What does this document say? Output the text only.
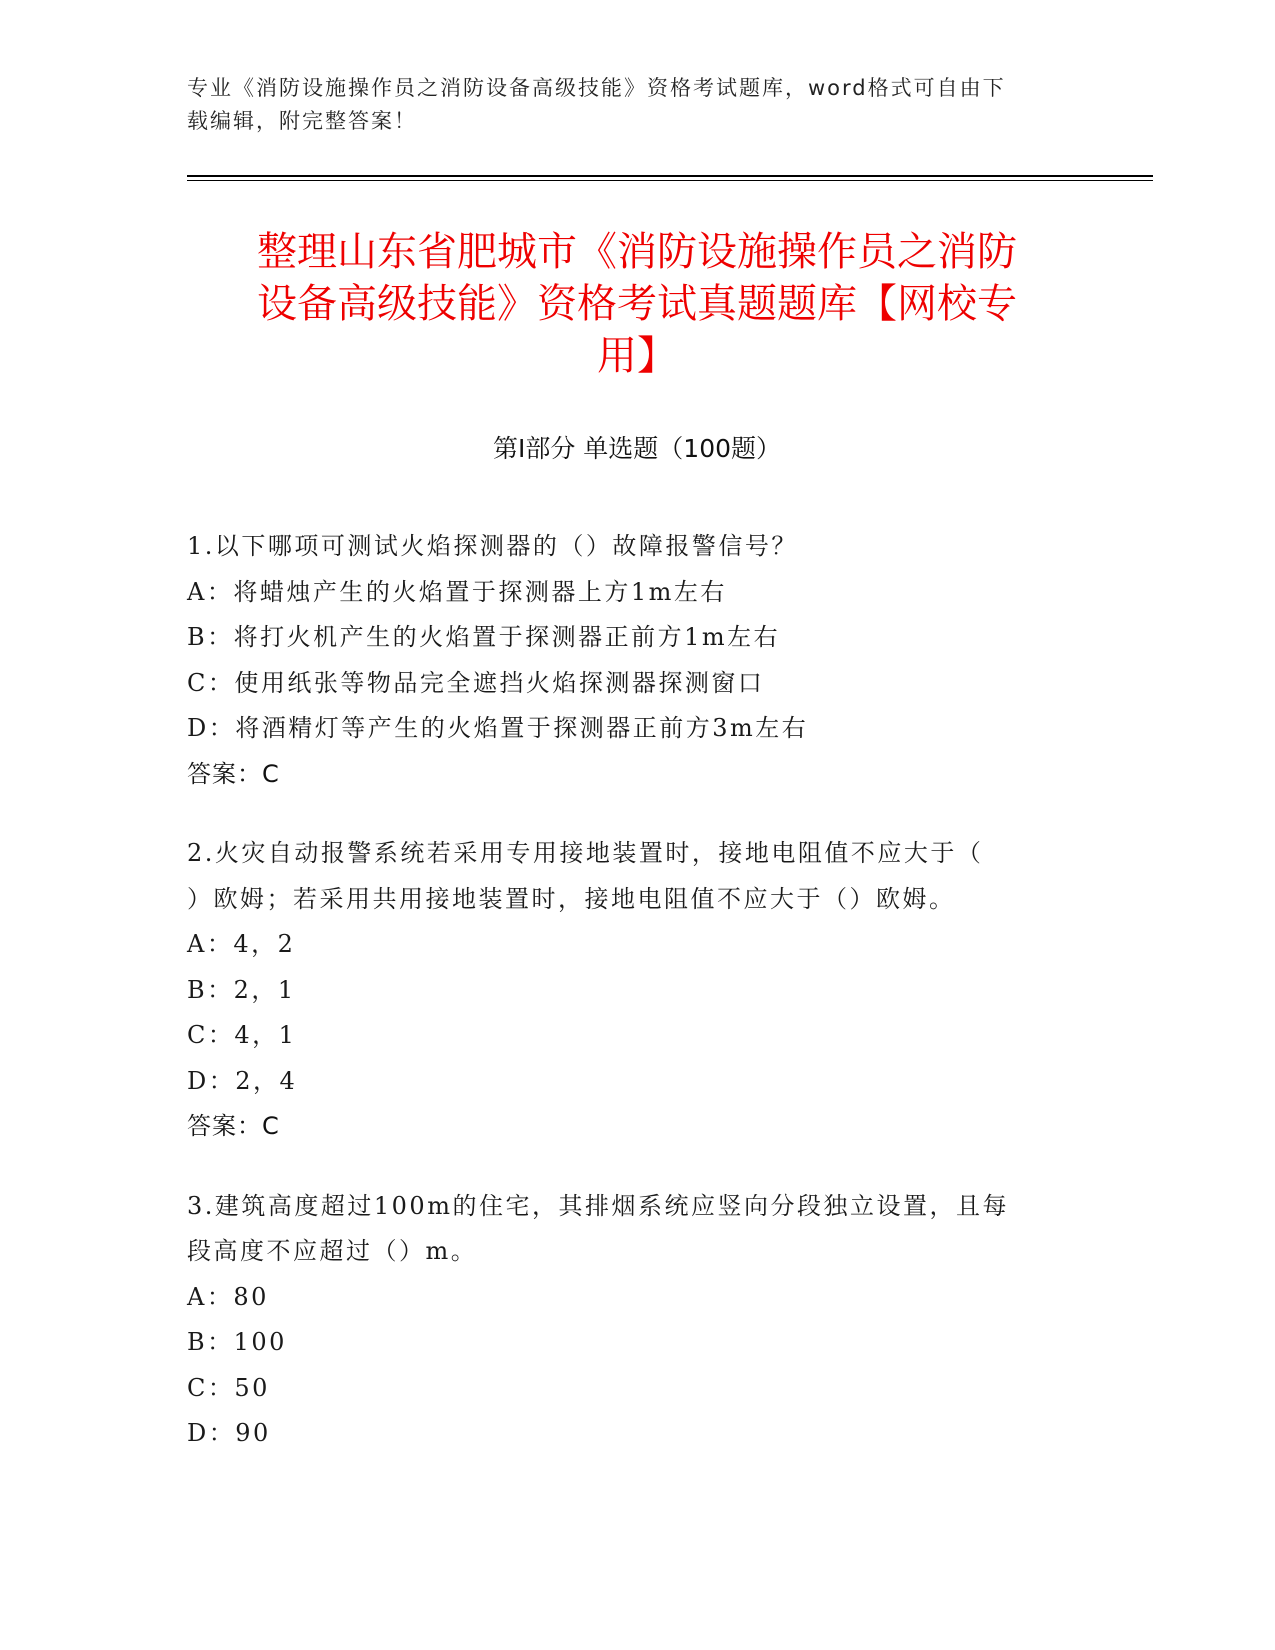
专业《消防设施操作员之消防设备高级技能》资格考试题库，word格式可自由下
载编辑，附完整答案！
整理山东省肥城市《消防设施操作员之消防
设备高级技能》资格考试真题题库【网校专
用】
第Ⅰ部分 单选题（100题）
1.以下哪项可测试火焰探测器的（）故障报警信号？
A：将蜡烛产生的火焰置于探测器上方1m左右
B：将打火机产生的火焰置于探测器正前方1m左右
C：使用纸张等物品完全遮挡火焰探测器探测窗口
D：将酒精灯等产生的火焰置于探测器正前方3m左右
答案：C
2.火灾自动报警系统若采用专用接地装置时，接地电阻值不应大于（
）欧姆；若采用共用接地装置时，接地电阻值不应大于（）欧姆。
A：4，2
B：2，1
C：4，1
D：2，4
答案：C
3.建筑高度超过100m的住宅，其排烟系统应竖向分段独立设置，且每
段高度不应超过（）m。
A：80
B：100
C：50
D：90
